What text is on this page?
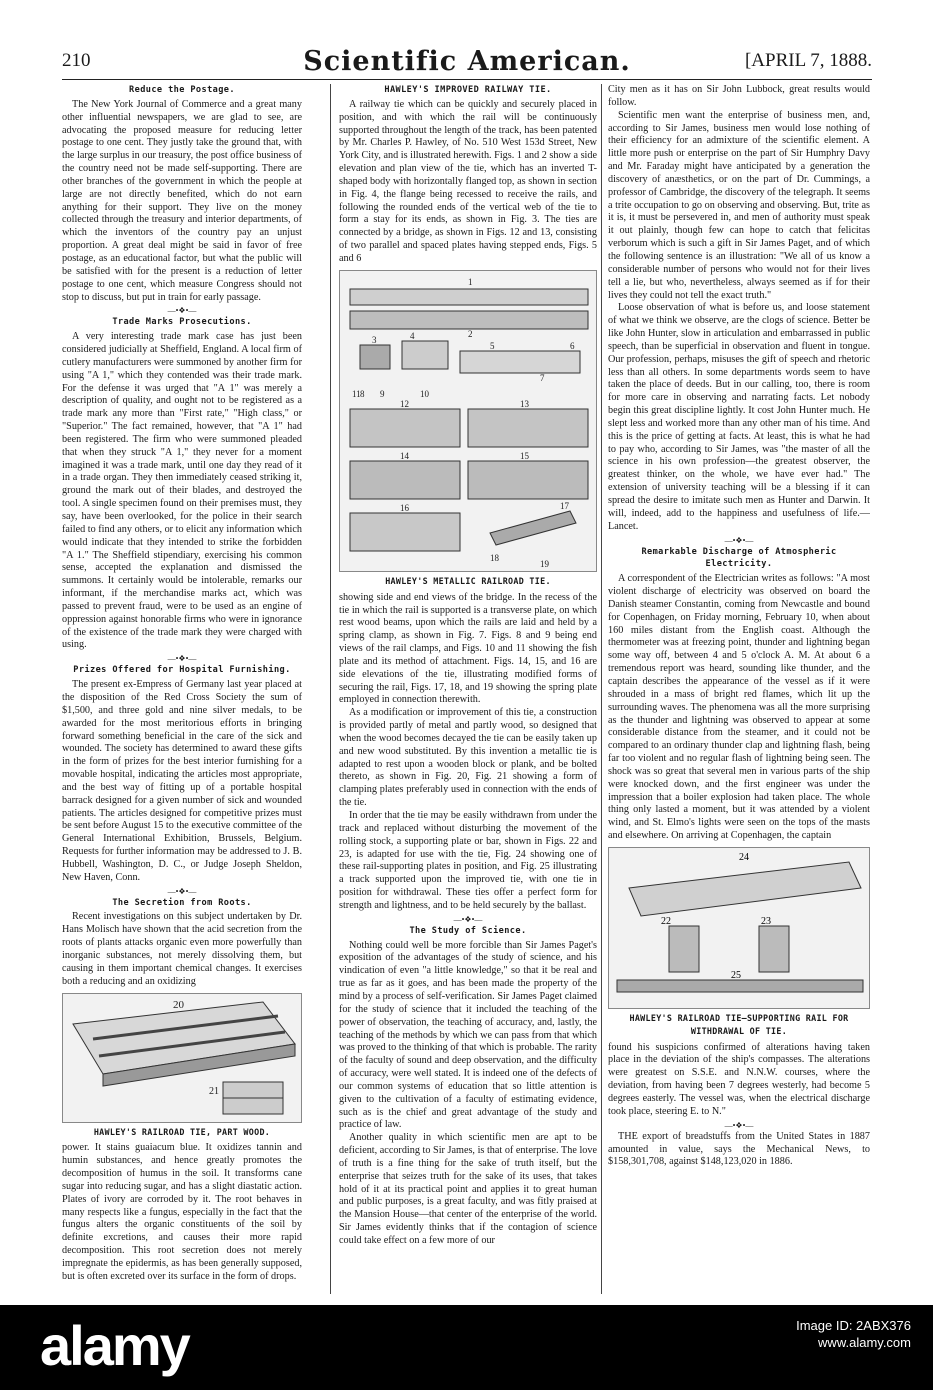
210	Scientific American.	[APRIL 7, 1888.
Reduce the Postage.

The New York Journal of Commerce and a great many other influential newspapers, we are glad to see, are advocating the proposed measure for reducing letter postage to one cent. They justly take the ground that, with the large surplus in our treasury, the post office business of the country need not be made self-supporting. There are other branches of the government in which the people at large are not directly benefited, which do not earn anything for their support. They live on the money collected through the treasury and interior departments, of which the inventors of the country pay an unjust proportion. A great deal might be said in favor of free postage, as an educational factor, but what the public will be satisfied with for the present is a reduction of letter postage to one cent, which measure Congress should not stop to discuss, but put in train for early passage.

—•❖•—
Trade Marks Prosecutions.

A very interesting trade mark case has just been considered judicially at Sheffield, England. A local firm of cutlery manufacturers were summoned by another firm for using "A 1," which they contended was their trade mark. For the defense it was urged that "A 1" was merely a description of quality, and ought not to be registered as a trade mark any more than "First rate," "High class," or "Superior." The fact remained, however, that "A 1" had been registered. The firm who were summoned pleaded that when they struck "A 1," they never for a moment imagined it was a trade mark, until one day they read of it in a trade organ. They then immediately ceased striking it, ground the mark out of their blades, and destroyed the tool. A single specimen found on their premises must, they say, have been overlooked, for the police in their search failed to find any others, or to elicit any information which would indicate that they intended to strike the forbidden "A 1." The Sheffield stipendiary, exercising his common sense, accepted the explanation and dismissed the summons. It certainly would be intolerable, remarks our informant, if the merchandise marks act, which was passed to prevent fraud, were to be used as an engine of oppression against honorable firms who were in ignorance of the existence of the trade mark they were charged with using.

—•❖•—
Prizes Offered for Hospital Furnishing.

The present ex-Empress of Germany last year placed at the disposition of the Red Cross Society the sum of $1,500, and three gold and nine silver medals, to be awarded for the most meritorious efforts in bringing forward something beneficial in the care of the sick and wounded. The society has determined to award these gifts in the form of prizes for the best interior furnishing for a movable hospital, indicating the articles most appropriate, and the best way of fitting up of a portable hospital barrack designed for a given number of sick and wounded patients. The articles designed for competitive prizes must be sent before August 15 to the executive committee of the General International Exhibition, Brussels, Belgium. Requests for further information may be addressed to J. B. Hubbell, Washington, D. C., or Judge Joseph Sheldon, New Haven, Conn.

—•❖•—
The Secretion from Roots.

Recent investigations on this subject undertaken by Dr. Hans Molisch have shown that the acid secretion from the roots of plants attacks organic even more powerfully than inorganic substances, not merely dissolving them, but causing in them important chemical changes. It exercises both a reducing and an oxidizing

20
21
HAWLEY'S RAILROAD TIE, PART WOOD.

power. It stains guaiacum blue. It oxidizes tannin and humin substances, and hence greatly promotes the decomposition of humus in the soil. It transforms cane sugar into reducing sugar, and has a slight diastatic action. Plates of ivory are corroded by it. The root behaves in many respects like a fungus, especially in the fact that the fungus alters the organic constituents of the soil by definite excretions, and causes their more rapid decomposition. This root secretion does not merely impregnate the epidermis, as has been generally supposed, but is often excreted over its surface in the form of drops.

HAWLEY'S IMPROVED RAILWAY TIE.

A railway tie which can be quickly and securely placed in position, and with which the rail will be continuously supported throughout the length of the track, has been patented by Mr. Charles P. Hawley, of No. 510 West 153d Street, New York City, and is illustrated herewith. Figs. 1 and 2 show a side elevation and plan view of the tie, which has an inverted T-shaped body with horizontally flanged top, as shown in section in Fig. 4, the flange being recessed to receive the rails, and following the rounded ends of the vertical web of the tie to form a stay for its ends, as shown in Fig. 3. The ties are connected by a bridge, as shown in Figs. 12 and 13, consisting of two parallel and spaced plates having stepped ends, Figs. 5 and 6

1
2
3	4
5	6
7
8 9	10
11
12	13
14	15
16	17
18
19
HAWLEY'S METALLIC RAILROAD TIE.

showing side and end views of the bridge. In the recess of the tie in which the rail is supported is a transverse plate, on which rest wood beams, upon which the rails are laid and held by a spring clamp, as shown in Fig. 7. Figs. 8 and 9 being end views of the rail clamps, and Figs. 10 and 11 showing the fish plate and its method of attachment. Figs. 14, 15, and 16 are side elevations of the tie, illustrating modified forms of securing the rail, Figs. 17, 18, and 19 showing the spring plate employed in connection therewith.

As a modification or improvement of this tie, a construction is provided partly of metal and partly wood, so designed that when the wood becomes decayed the tie can be easily taken up and new wood substituted. By this invention a metallic tie is adapted to rest upon a wooden block or plank, and be bolted thereto, as shown in Fig. 20, Fig. 21 showing a form of clamping plates preferably used in connection with the ends of the tie.

In order that the tie may be easily withdrawn from under the track and replaced without disturbing the movement of the rolling stock, a supporting plate or bar, shown in Figs. 22 and 23, is adapted for use with the tie, Fig. 24 showing one of these rail-supporting plates in position, and Fig. 25 illustrating a track supported upon the improved tie, with one tie in position for withdrawal. These ties offer a perfect form for strength and lightness, and to be held securely by the ballast.

—•❖•—
The Study of Science.

Nothing could well be more forcible than Sir James Paget's exposition of the advantages of the study of science, and his vindication of even "a little knowledge," so that it be real and true as far as it goes, and has been made the property of the mind by a process of self-verification. Sir James Paget claimed for the study of science that it included the teaching of the power of observation, the teaching of accuracy, and, lastly, the teaching of the methods by which we can pass from that which was proved to the thinking of that which is probable. The rarity of the faculty of sound and deep observation, and the difficulty of accuracy, were well stated. It is indeed one of the defects of our common systems of education that so little attention is given to the cultivation of a faculty of estimating evidence, such as is the chief and great advantage of the study and practice of law.

Another quality in which scientific men are apt to be deficient, according to Sir James, is that of enterprise. The love of truth is a fine thing for the sake of truth itself, but the enterprise that seizes truth for the sake of its uses, that takes hold of it at its practical point and applies it to great human and public purposes, is a great faculty, and was fitly praised at the Mansion House—that center of the enterprise of the world. Sir James evidently thinks that if the contagion of science could take effect on a few more of our

City men as it has on Sir John Lubbock, great results would follow.

Scientific men want the enterprise of business men, and, according to Sir James, business men would lose nothing of their efficiency for an admixture of the scientific element. A little more push or enterprise on the part of Sir Humphry Davy and Mr. Faraday might have anticipated by a generation the discovery of anæsthetics, or on the part of Dr. Cummings, a professor of Cambridge, the discovery of the telegraph. It seems a trite occupation to go on observing and observing. But, trite as it is, it must be persevered in, and men of authority must speak it out plainly, though few can hope to catch that felicitas verborum which is such a gift in Sir James Paget, and of which the following sentence is an illustration: "We all of us know a considerable number of persons who would not for their lives tell a lie, but who, nevertheless, always seemed as if for their lives they could not tell the exact truth."

Loose observation of what is before us, and loose statement of what we think we observe, are the clogs of science. Better be like John Hunter, slow in articulation and embarrassed in public speech, than be superficial in observation and fluent in tongue. Our profession, perhaps, misuses the gift of speech and rhetoric less than all others. In some departments words seem to have taken the place of deeds. But in our calling, too, there is room for more care in observing and narrating facts. Let nobody begin this great discipline lightly. It cost John Hunter much. He slept less and worked more than any other man of his time. And this is the price of getting at facts. At least, this is what he had to pay who, according to Sir James, was "the master of all the science in his own profession—the greatest observer, the greatest thinker, on the whole, we have ever had." The extension of university teaching will be a blessing if it can spread the desire to imitate such men as Hunter and Darwin. It will, indeed, add to the happiness and usefulness of life.—Lancet.

—•❖•—
Remarkable Discharge of Atmospheric Electricity.

A correspondent of the Electrician writes as follows: "A most violent discharge of electricity was observed on board the Danish steamer Constantin, coming from Newcastle and bound for Copenhagen, on Friday morning, February 10, when about 160 miles distant from the English coast. Although the thermometer was at freezing point, thunder and lightning began some way off, between 4 and 5 o'clock A. M. At about 6 a tremendous report was heard, sounding like thunder, and the captain describes the appearance of the vessel as if it were shrouded in a mass of bright red flames, which lit up the surrounding waves. The phenomena was all the more surprising as the thunder and lightning was observed to appear at some considerable distance from the steamer, and it could not be compared to an ordinary thunder clap and lightning flash, being far too violent and no regular flash of lightning being seen. The shock was so great that several men in various parts of the ship were knocked down, and the first engineer was under the impression that a boiler explosion had taken place. The whole thing only lasted a moment, but it was attended by a violent wind, and St. Elmo's lights were seen on the tops of the masts and elsewhere. On arriving at Copenhagen, the captain

24
22	23
25
HAWLEY'S RAILROAD TIE—SUPPORTING RAIL FOR WITHDRAWAL OF TIE.

found his suspicions confirmed of alterations having taken place in the deviation of the ship's compasses. The alterations were greatest on S.S.E. and N.N.W. courses, where the deviation, from having been 7 degrees westerly, had become 5 degrees easterly. The vessel was, when the electrical discharge took place, steering E. to N."

—•❖•—

THE export of breadstuffs from the United States in 1887 amounted in value, says the Mechanical News, to $158,301,708, against $148,123,020 in 1886.

alamy	Image ID: 2ABX376
www.alamy.com
